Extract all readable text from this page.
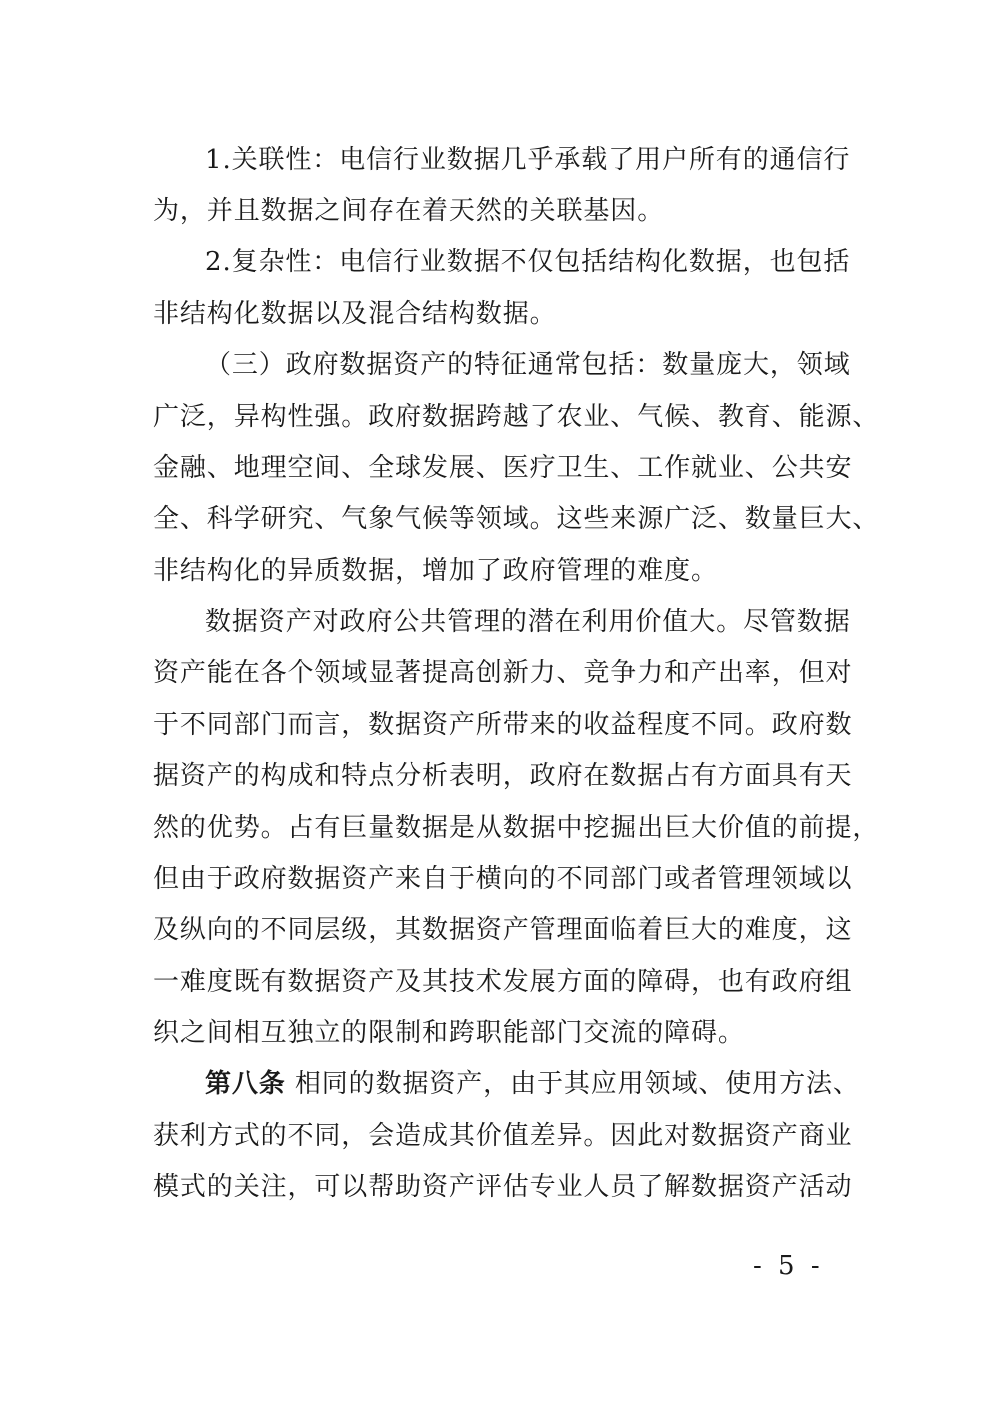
1.关联性：电信行业数据几乎承载了用户所有的通信行
为，并且数据之间存在着天然的关联基因。
2.复杂性：电信行业数据不仅包括结构化数据，也包括
非结构化数据以及混合结构数据。
（三）政府数据资产的特征通常包括：数量庞大，领域
广泛，异构性强。政府数据跨越了农业、气候、教育、能源、
金融、地理空间、全球发展、医疗卫生、工作就业、公共安
全、科学研究、气象气候等领域。这些来源广泛、数量巨大、
非结构化的异质数据，增加了政府管理的难度。
数据资产对政府公共管理的潜在利用价值大。尽管数据
资产能在各个领域显著提高创新力、竞争力和产出率，但对
于不同部门而言，数据资产所带来的收益程度不同。政府数
据资产的构成和特点分析表明，政府在数据占有方面具有天
然的优势。占有巨量数据是从数据中挖掘出巨大价值的前提，
但由于政府数据资产来自于横向的不同部门或者管理领域以
及纵向的不同层级，其数据资产管理面临着巨大的难度，这
一难度既有数据资产及其技术发展方面的障碍，也有政府组
织之间相互独立的限制和跨职能部门交流的障碍。
第八条 相同的数据资产，由于其应用领域、使用方法、
获利方式的不同，会造成其价值差异。因此对数据资产商业
模式的关注，可以帮助资产评估专业人员了解数据资产活动
- 5 -
